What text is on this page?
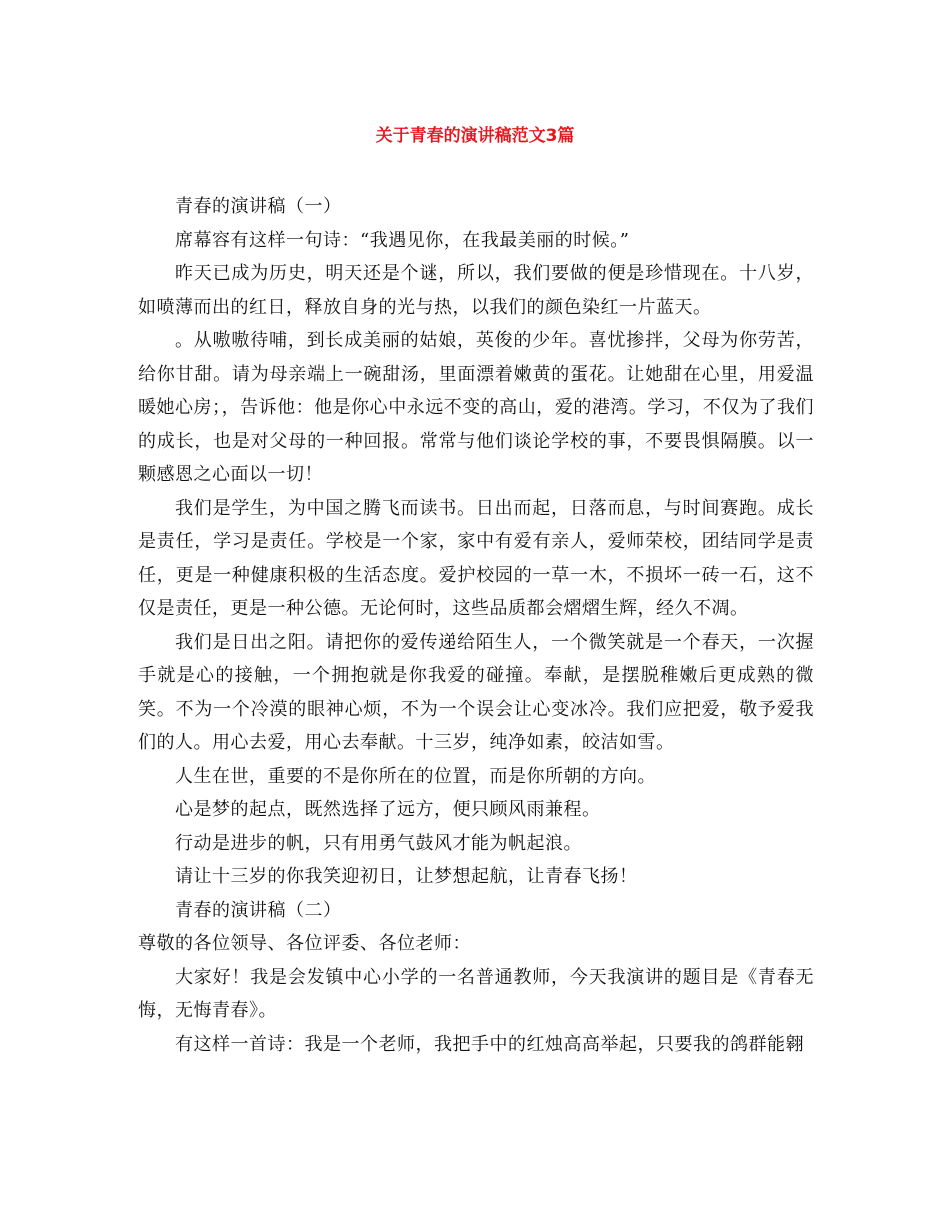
关于青春的演讲稿范文3篇

青春的演讲稿（一）

席幕容有这样一句诗：“我遇见你，在我最美丽的时候。”

昨天已成为历史，明天还是个谜，所以，我们要做的便是珍惜现在。十八岁，如喷薄而出的红日，释放自身的光与热，以我们的颜色染红一片蓝天。

。从嗷嗷待哺，到长成美丽的姑娘，英俊的少年。喜忧掺拌，父母为你劳苦，给你甘甜。请为母亲端上一碗甜汤，里面漂着嫩黄的蛋花。让她甜在心里，用爱温暖她心房；，告诉他：他是你心中永远不变的高山，爱的港湾。学习，不仅为了我们的成长，也是对父母的一种回报。常常与他们谈论学校的事，不要畏惧隔膜。以一颗感恩之心面以一切！

我们是学生，为中国之腾飞而读书。日出而起，日落而息，与时间赛跑。成长是责任，学习是责任。学校是一个家，家中有爱有亲人，爱师荣校，团结同学是责任，更是一种健康积极的生活态度。爱护校园的一草一木，不损坏一砖一石，这不仅是责任，更是一种公德。无论何时，这些品质都会熠熠生辉，经久不凋。

我们是日出之阳。请把你的爱传递给陌生人，一个微笑就是一个春天，一次握手就是心的接触，一个拥抱就是你我爱的碰撞。奉献，是摆脱稚嫩后更成熟的微笑。不为一个冷漠的眼神心烦，不为一个误会让心变冰冷。我们应把爱，敬予爱我们的人。用心去爱，用心去奉献。十三岁，纯净如素，皎洁如雪。

人生在世，重要的不是你所在的位置，而是你所朝的方向。

心是梦的起点，既然选择了远方，便只顾风雨兼程。

行动是进步的帆，只有用勇气鼓风才能为帆起浪。

请让十三岁的你我笑迎初日，让梦想起航，让青春飞扬！

青春的演讲稿（二）

尊敬的各位领导、各位评委、各位老师：

大家好！我是会发镇中心小学的一名普通教师，今天我演讲的题目是《青春无悔，无悔青春》。

有这样一首诗：我是一个老师，我把手中的红烛高高举起，只要我的鸽群能翱
